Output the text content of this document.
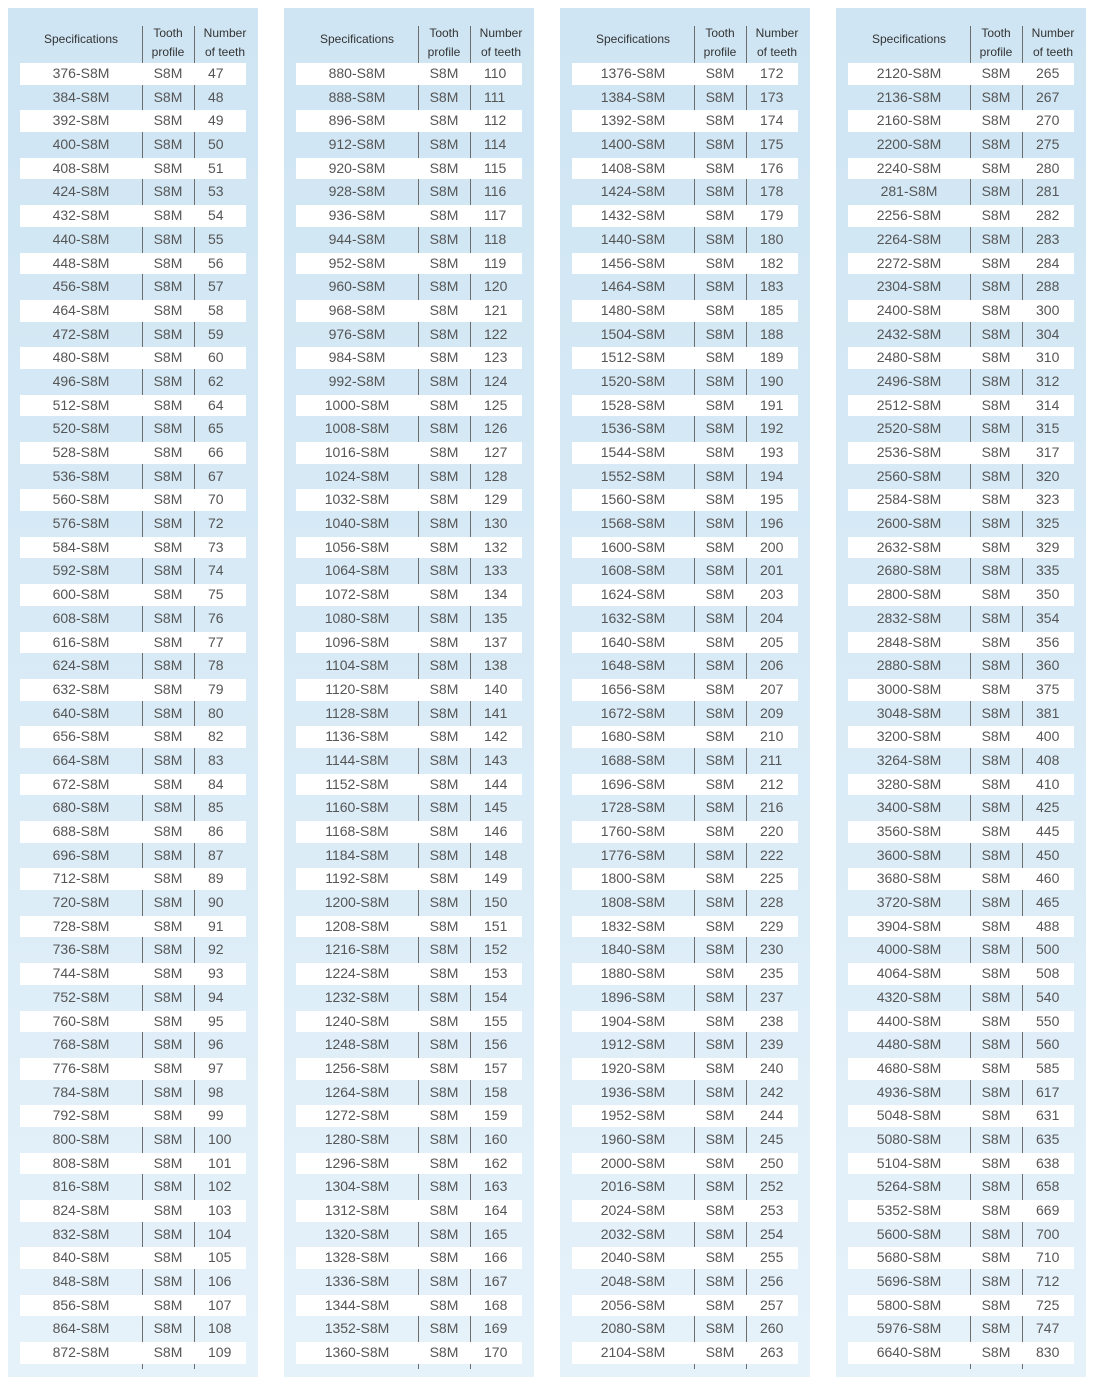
Specifications	Tooth
profile
Number
of teeth
376-S8M	S8M	47
384-S8M	S8M	48
392-S8M	S8M	49
400-S8M	S8M	50
408-S8M	S8M	51
424-S8M	S8M	53
432-S8M	S8M	54
440-S8M	S8M	55
448-S8M	S8M	56
456-S8M	S8M	57
464-S8M	S8M	58
472-S8M	S8M	59
480-S8M	S8M	60
496-S8M	S8M	62
512-S8M	S8M	64
520-S8M	S8M	65
528-S8M	S8M	66
536-S8M	S8M	67
560-S8M	S8M	70
576-S8M	S8M	72
584-S8M	S8M	73
592-S8M	S8M	74
600-S8M	S8M	75
608-S8M	S8M	76
616-S8M	S8M	77
624-S8M	S8M	78
632-S8M	S8M	79
640-S8M	S8M	80
656-S8M	S8M	82
664-S8M	S8M	83
672-S8M	S8M	84
680-S8M	S8M	85
688-S8M	S8M	86
696-S8M	S8M	87
712-S8M	S8M	89
720-S8M	S8M	90
728-S8M	S8M	91
736-S8M	S8M	92
744-S8M	S8M	93
752-S8M	S8M	94
760-S8M	S8M	95
768-S8M	S8M	96
776-S8M	S8M	97
784-S8M	S8M	98
792-S8M	S8M	99
800-S8M	S8M	100
808-S8M	S8M	101
816-S8M	S8M	102
824-S8M	S8M	103
832-S8M	S8M	104
840-S8M	S8M	105
848-S8M	S8M	106
856-S8M	S8M	107
864-S8M	S8M	108
872-S8M	S8M	109
Specifications	Tooth
profile
Number
of teeth
880-S8M	S8M	110
888-S8M	S8M	111
896-S8M	S8M	112
912-S8M	S8M	114
920-S8M	S8M	115
928-S8M	S8M	116
936-S8M	S8M	117
944-S8M	S8M	118
952-S8M	S8M	119
960-S8M	S8M	120
968-S8M	S8M	121
976-S8M	S8M	122
984-S8M	S8M	123
992-S8M	S8M	124
1000-S8M	S8M	125
1008-S8M	S8M	126
1016-S8M	S8M	127
1024-S8M	S8M	128
1032-S8M	S8M	129
1040-S8M	S8M	130
1056-S8M	S8M	132
1064-S8M	S8M	133
1072-S8M	S8M	134
1080-S8M	S8M	135
1096-S8M	S8M	137
1104-S8M	S8M	138
1120-S8M	S8M	140
1128-S8M	S8M	141
1136-S8M	S8M	142
1144-S8M	S8M	143
1152-S8M	S8M	144
1160-S8M	S8M	145
1168-S8M	S8M	146
1184-S8M	S8M	148
1192-S8M	S8M	149
1200-S8M	S8M	150
1208-S8M	S8M	151
1216-S8M	S8M	152
1224-S8M	S8M	153
1232-S8M	S8M	154
1240-S8M	S8M	155
1248-S8M	S8M	156
1256-S8M	S8M	157
1264-S8M	S8M	158
1272-S8M	S8M	159
1280-S8M	S8M	160
1296-S8M	S8M	162
1304-S8M	S8M	163
1312-S8M	S8M	164
1320-S8M	S8M	165
1328-S8M	S8M	166
1336-S8M	S8M	167
1344-S8M	S8M	168
1352-S8M	S8M	169
1360-S8M	S8M	170
Specifications	Tooth
profile
Number
of teeth
1376-S8M	S8M	172
1384-S8M	S8M	173
1392-S8M	S8M	174
1400-S8M	S8M	175
1408-S8M	S8M	176
1424-S8M	S8M	178
1432-S8M	S8M	179
1440-S8M	S8M	180
1456-S8M	S8M	182
1464-S8M	S8M	183
1480-S8M	S8M	185
1504-S8M	S8M	188
1512-S8M	S8M	189
1520-S8M	S8M	190
1528-S8M	S8M	191
1536-S8M	S8M	192
1544-S8M	S8M	193
1552-S8M	S8M	194
1560-S8M	S8M	195
1568-S8M	S8M	196
1600-S8M	S8M	200
1608-S8M	S8M	201
1624-S8M	S8M	203
1632-S8M	S8M	204
1640-S8M	S8M	205
1648-S8M	S8M	206
1656-S8M	S8M	207
1672-S8M	S8M	209
1680-S8M	S8M	210
1688-S8M	S8M	211
1696-S8M	S8M	212
1728-S8M	S8M	216
1760-S8M	S8M	220
1776-S8M	S8M	222
1800-S8M	S8M	225
1808-S8M	S8M	228
1832-S8M	S8M	229
1840-S8M	S8M	230
1880-S8M	S8M	235
1896-S8M	S8M	237
1904-S8M	S8M	238
1912-S8M	S8M	239
1920-S8M	S8M	240
1936-S8M	S8M	242
1952-S8M	S8M	244
1960-S8M	S8M	245
2000-S8M	S8M	250
2016-S8M	S8M	252
2024-S8M	S8M	253
2032-S8M	S8M	254
2040-S8M	S8M	255
2048-S8M	S8M	256
2056-S8M	S8M	257
2080-S8M	S8M	260
2104-S8M	S8M	263
Specifications	Tooth
profile
Number
of teeth
2120-S8M	S8M	265
2136-S8M	S8M	267
2160-S8M	S8M	270
2200-S8M	S8M	275
2240-S8M	S8M	280
281-S8M	S8M	281
2256-S8M	S8M	282
2264-S8M	S8M	283
2272-S8M	S8M	284
2304-S8M	S8M	288
2400-S8M	S8M	300
2432-S8M	S8M	304
2480-S8M	S8M	310
2496-S8M	S8M	312
2512-S8M	S8M	314
2520-S8M	S8M	315
2536-S8M	S8M	317
2560-S8M	S8M	320
2584-S8M	S8M	323
2600-S8M	S8M	325
2632-S8M	S8M	329
2680-S8M	S8M	335
2800-S8M	S8M	350
2832-S8M	S8M	354
2848-S8M	S8M	356
2880-S8M	S8M	360
3000-S8M	S8M	375
3048-S8M	S8M	381
3200-S8M	S8M	400
3264-S8M	S8M	408
3280-S8M	S8M	410
3400-S8M	S8M	425
3560-S8M	S8M	445
3600-S8M	S8M	450
3680-S8M	S8M	460
3720-S8M	S8M	465
3904-S8M	S8M	488
4000-S8M	S8M	500
4064-S8M	S8M	508
4320-S8M	S8M	540
4400-S8M	S8M	550
4480-S8M	S8M	560
4680-S8M	S8M	585
4936-S8M	S8M	617
5048-S8M	S8M	631
5080-S8M	S8M	635
5104-S8M	S8M	638
5264-S8M	S8M	658
5352-S8M	S8M	669
5600-S8M	S8M	700
5680-S8M	S8M	710
5696-S8M	S8M	712
5800-S8M	S8M	725
5976-S8M	S8M	747
6640-S8M	S8M	830
